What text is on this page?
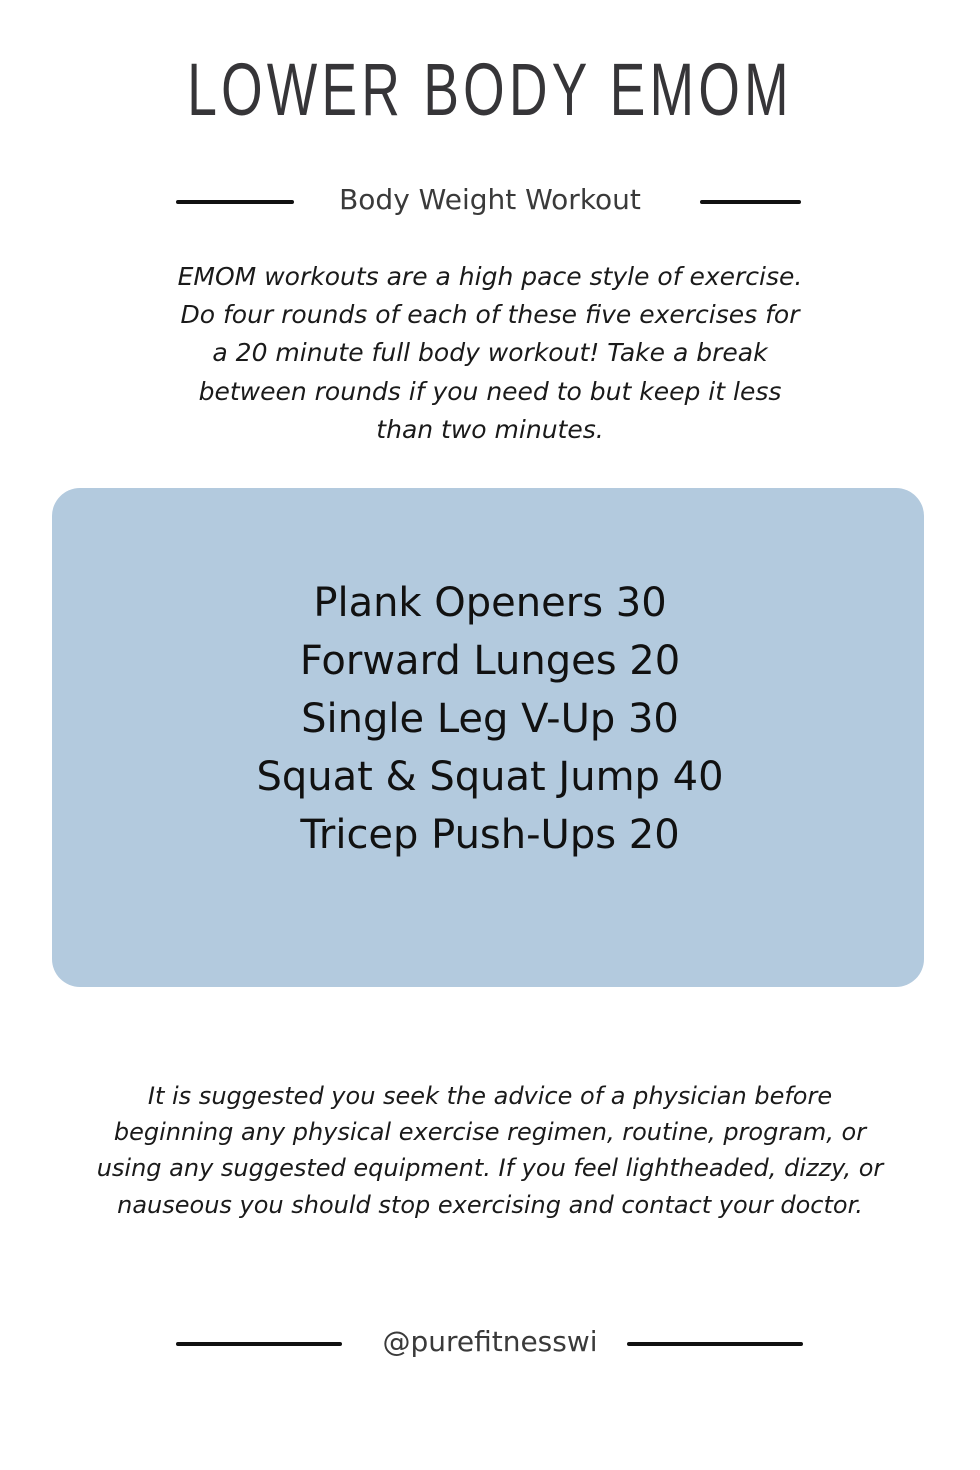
LOWER BODY EMOM
Body Weight Workout
EMOM workouts are a high pace style of exercise. Do four rounds of each of these five exercises for a 20 minute full body workout! Take a break between rounds if you need to but keep it less than two minutes.
Plank Openers 30
Forward Lunges 20
Single Leg V-Up 30
Squat & Squat Jump 40
Tricep Push-Ups 20
It is suggested you seek the advice of a physician before beginning any physical exercise regimen, routine, program, or using any suggested equipment. If you feel lightheaded, dizzy, or nauseous you should stop exercising and contact your doctor.
@purefitnesswi
